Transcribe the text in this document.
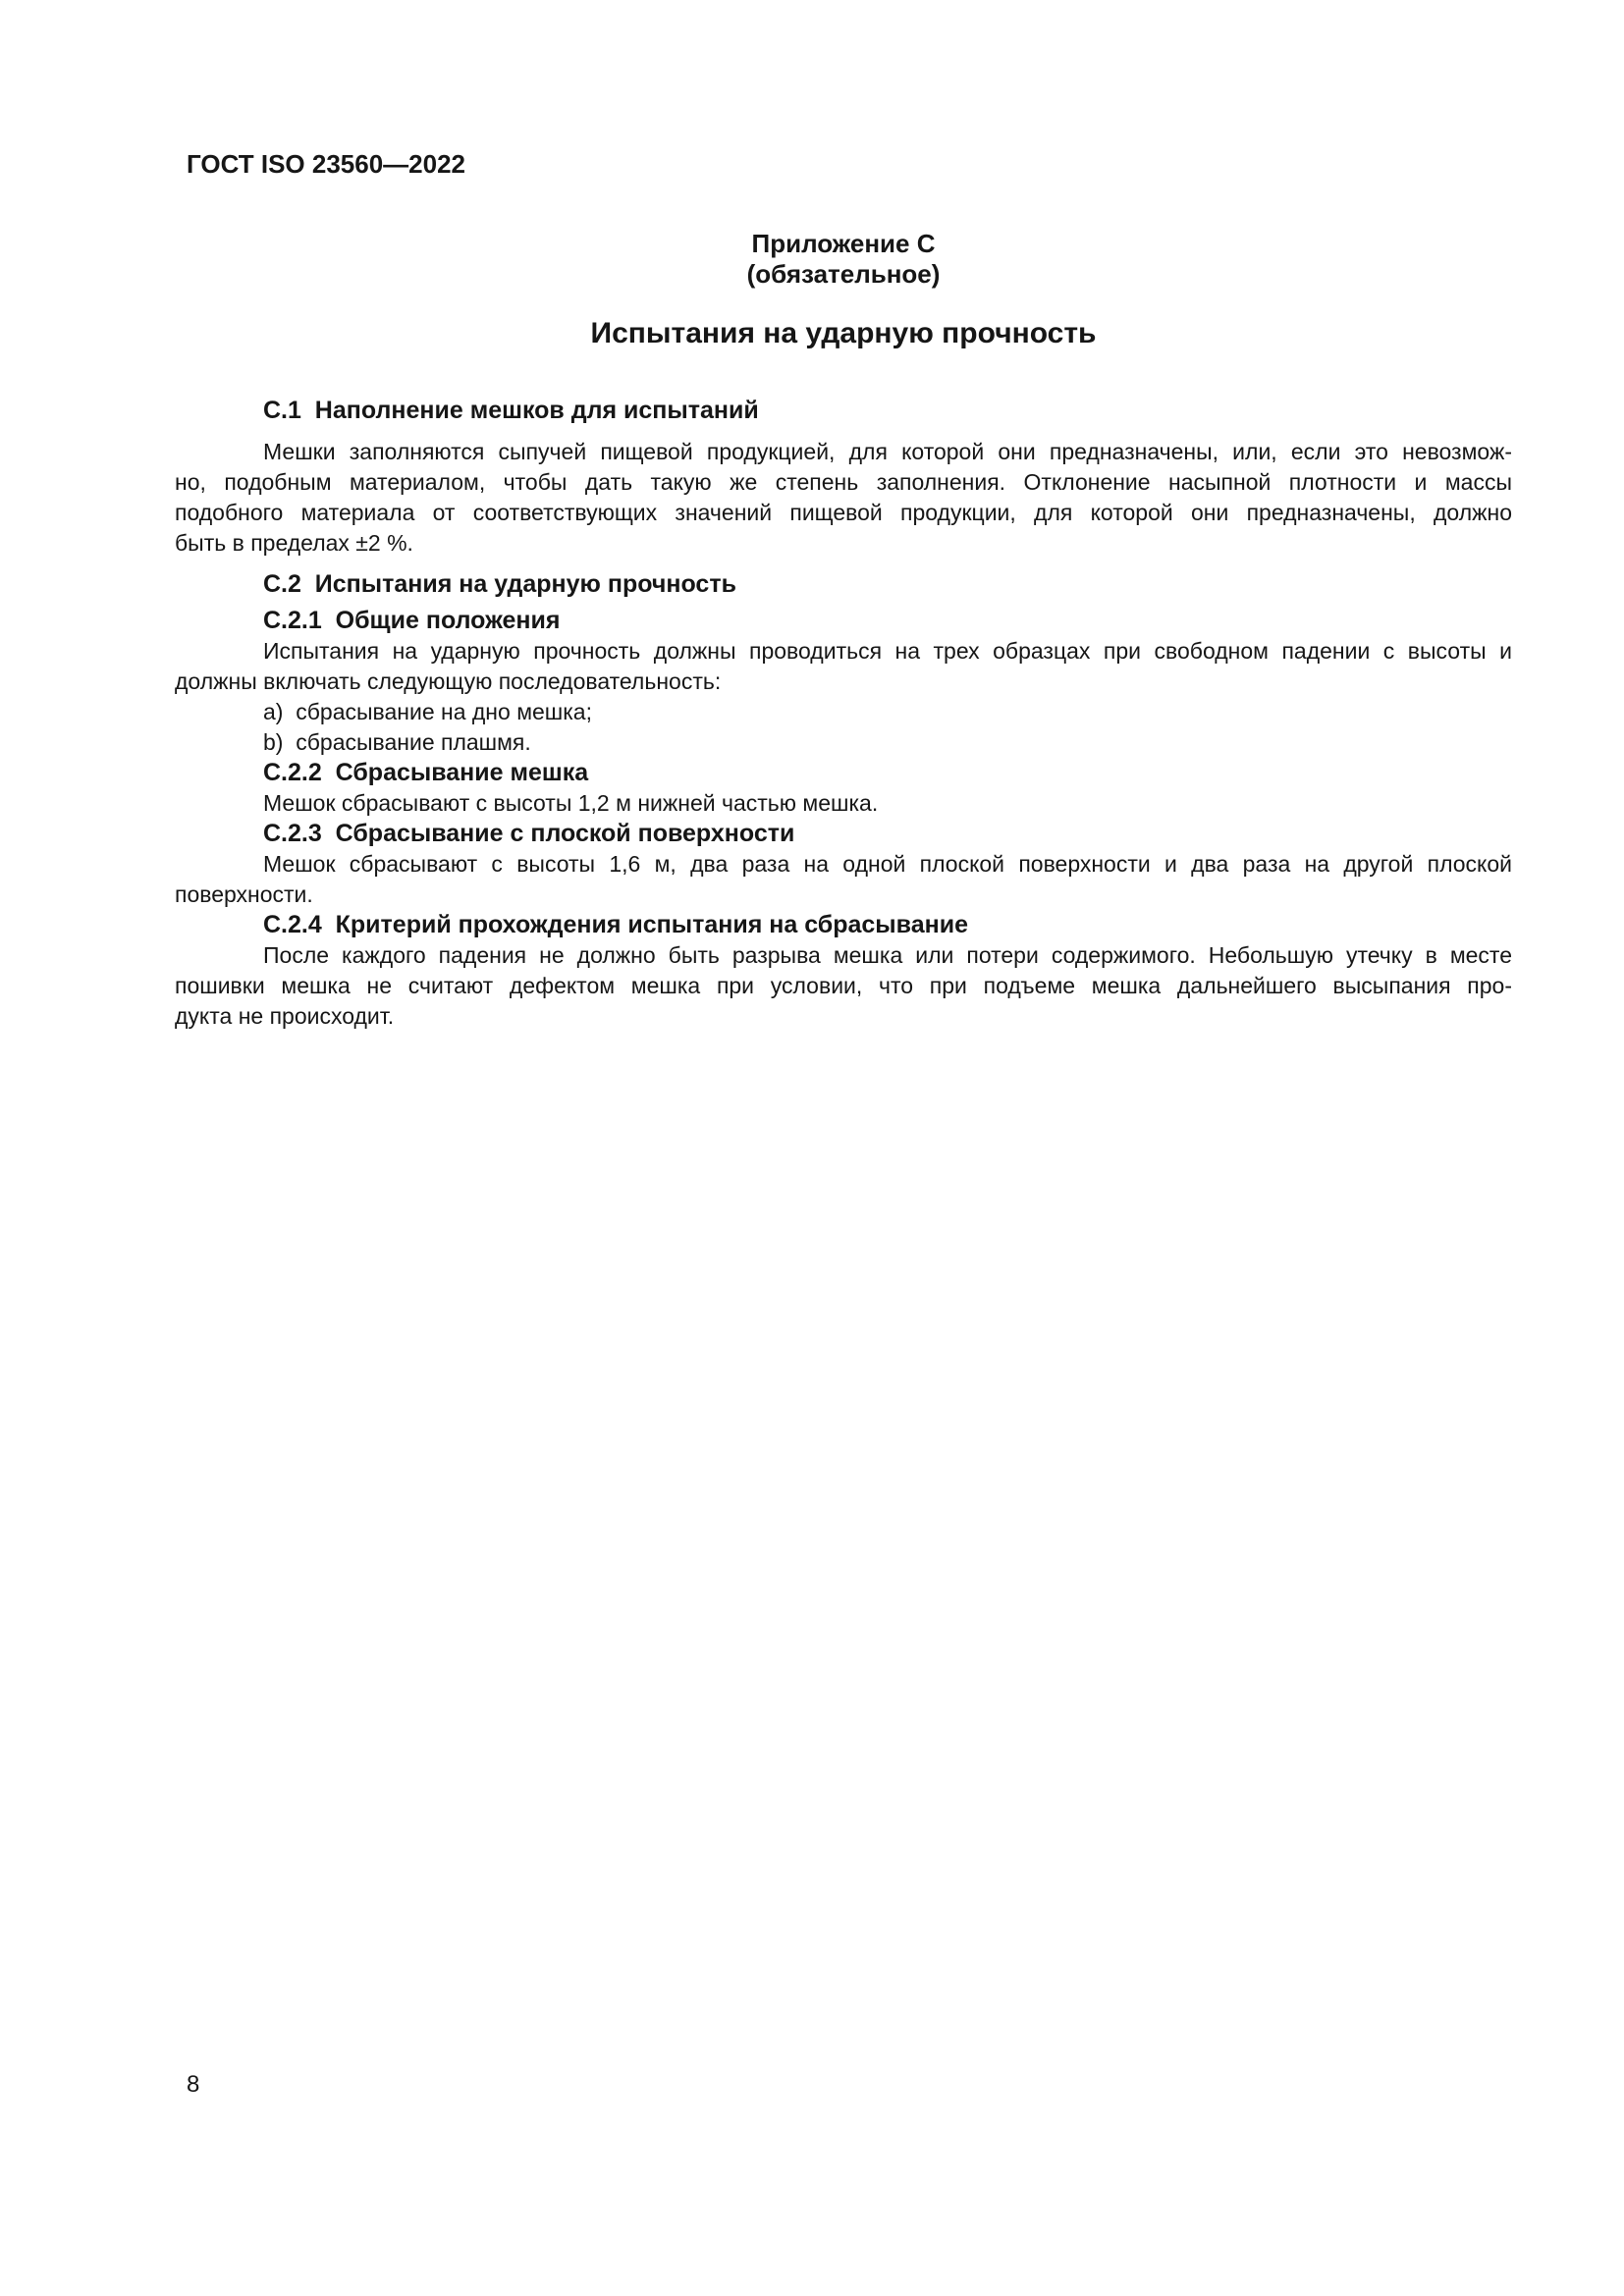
ГОСТ ISO 23560—2022
Приложение C
(обязательное)
Испытания на ударную прочность
C.1  Наполнение мешков для испытаний
Мешки заполняются сыпучей пищевой продукцией, для которой они предназначены, или, если это невозмож-
но, подобным материалом, чтобы дать такую же степень заполнения. Отклонение насыпной плотности и массы
подобного материала от соответствующих значений пищевой продукции, для которой они предназначены, должно
быть в пределах ±2 %.
C.2  Испытания на ударную прочность
C.2.1  Общие положения
Испытания на ударную прочность должны проводиться на трех образцах при свободном падении с высоты и
должны включать следующую последовательность:
a)  сбрасывание на дно мешка;
b)  сбрасывание плашмя.
C.2.2  Сбрасывание мешка
Мешок сбрасывают с высоты 1,2 м нижней частью мешка.
C.2.3  Сбрасывание с плоской поверхности
Мешок сбрасывают с высоты 1,6 м, два раза на одной плоской поверхности и два раза на другой плоской
поверхности.
C.2.4  Критерий прохождения испытания на сбрасывание
После каждого падения не должно быть разрыва мешка или потери содержимого. Небольшую утечку в месте
пошивки мешка не считают дефектом мешка при условии, что при подъеме мешка дальнейшего высыпания про-
дукта не происходит.
8
